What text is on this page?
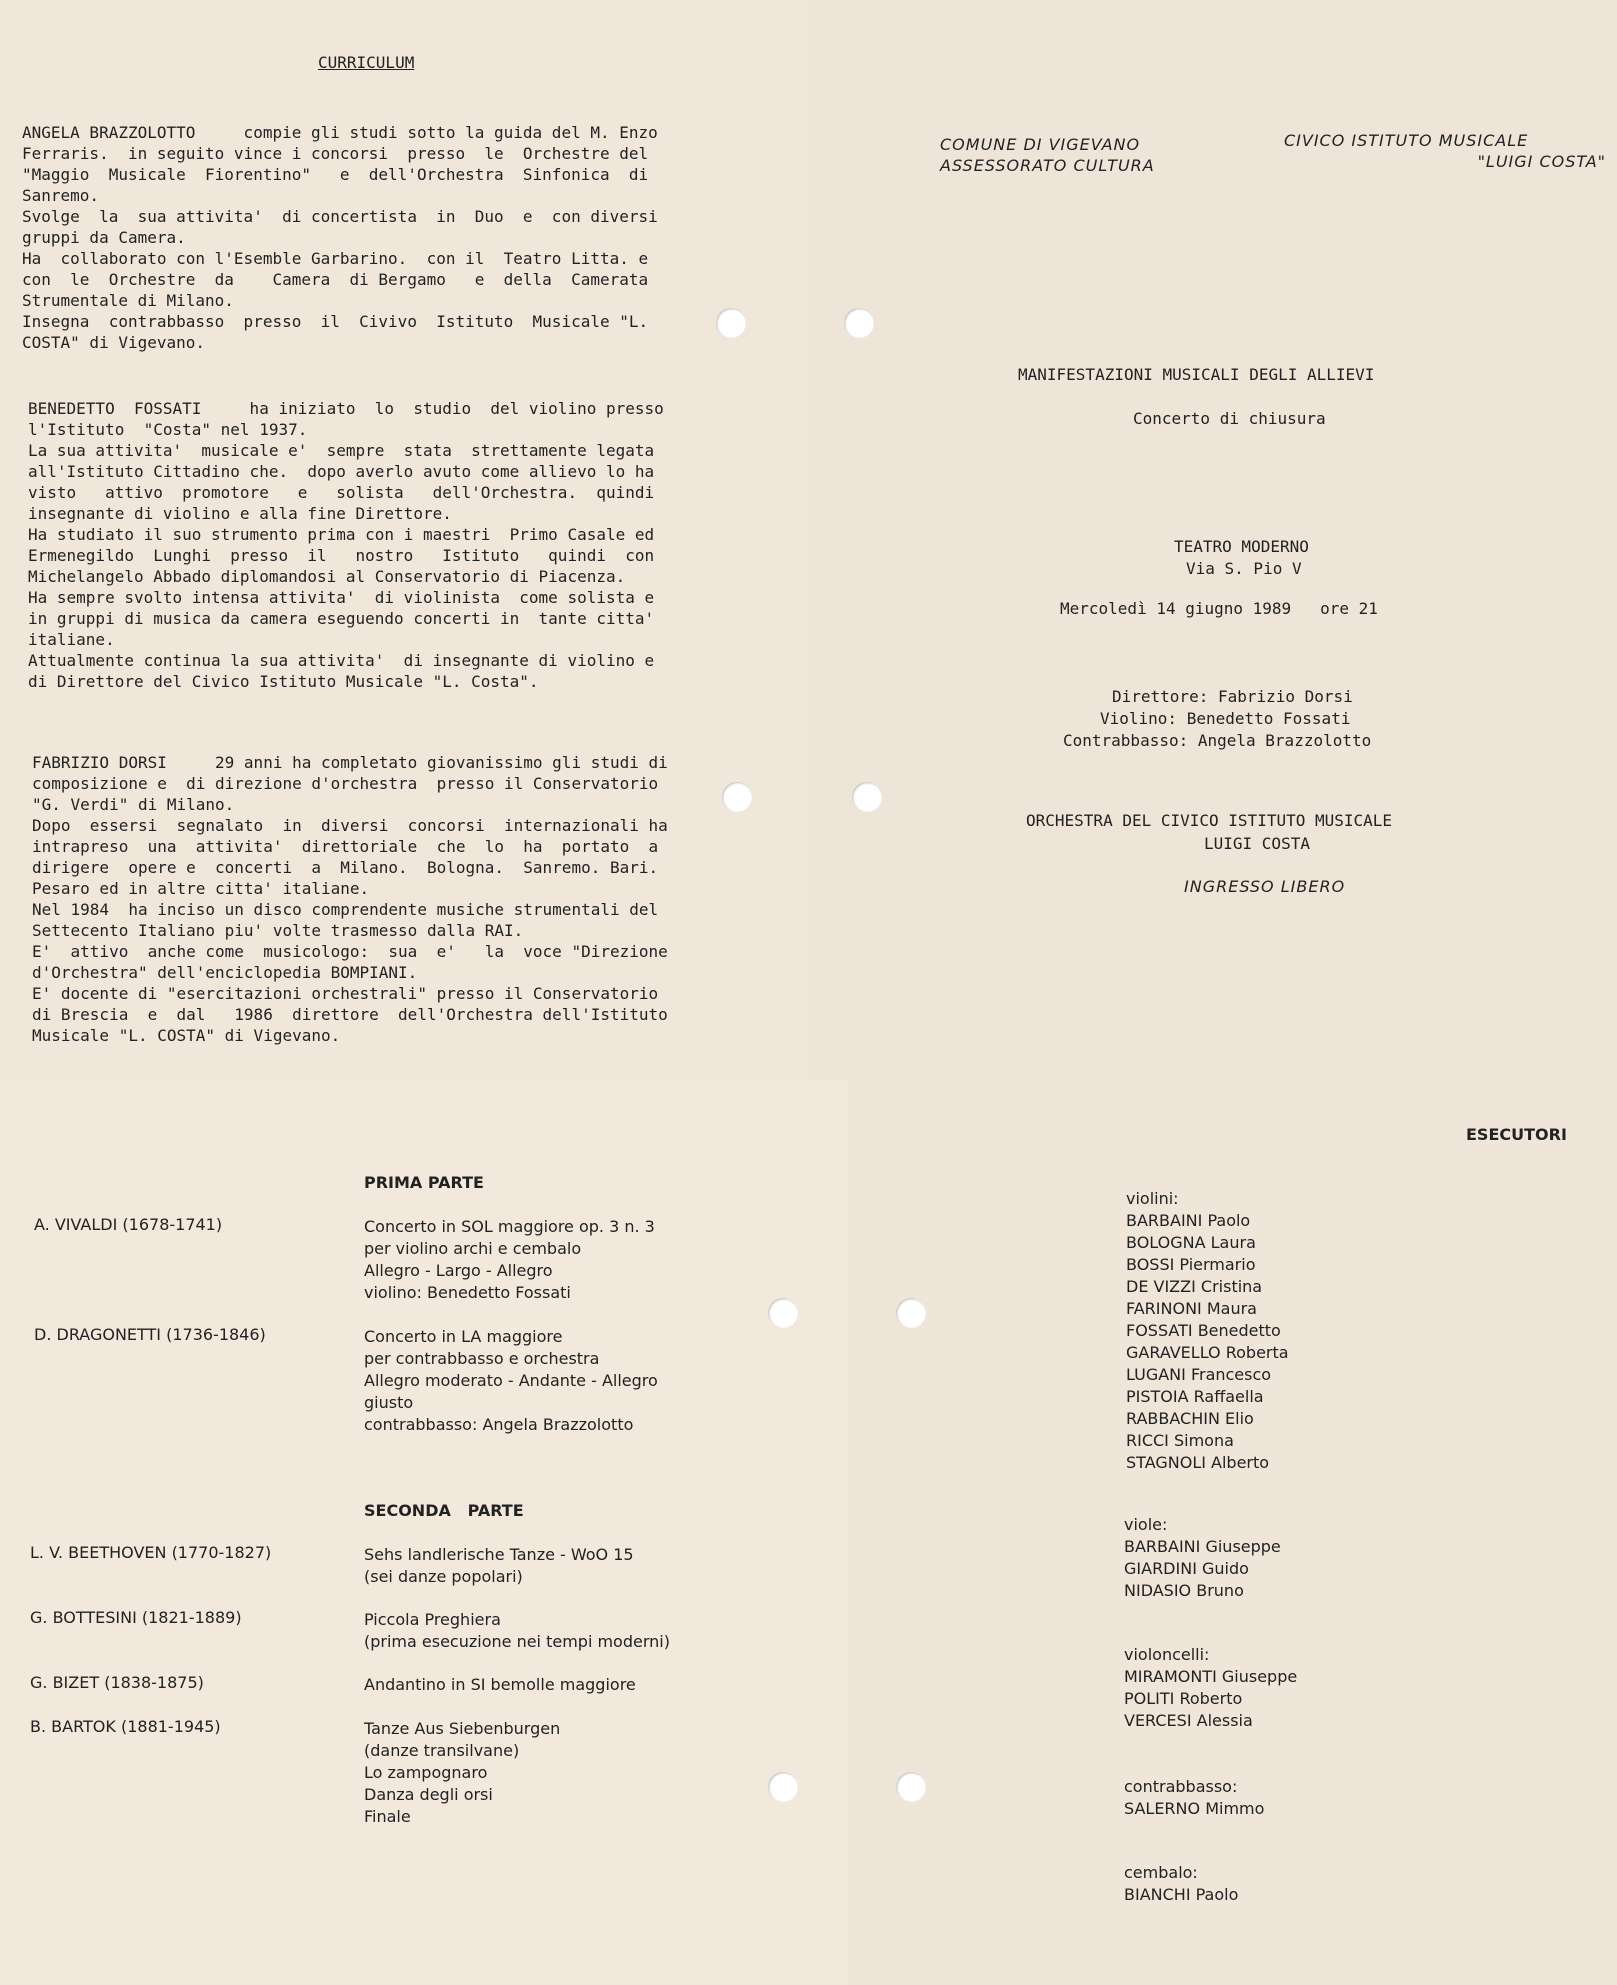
CURRICULUM
ANGELA BRAZZOLOTTO     compie gli studi sotto la guida del M. Enzo
Ferraris.  in seguito vince i concorsi  presso  le  Orchestre del
"Maggio  Musicale  Fiorentino"   e  dell'Orchestra  Sinfonica  di
Sanremo.
Svolge  la  sua attivita'  di concertista  in  Duo  e  con diversi
gruppi da Camera.
Ha  collaborato con l'Esemble Garbarino.  con il  Teatro Litta. e
con  le  Orchestre  da    Camera  di Bergamo   e  della  Camerata
Strumentale di Milano.
Insegna  contrabbasso  presso  il  Civivo  Istituto  Musicale "L.
COSTA" di Vigevano.
BENEDETTO  FOSSATI     ha iniziato  lo  studio  del violino presso
l'Istituto  "Costa" nel 1937.
La sua attivita'  musicale e'  sempre  stata  strettamente legata
all'Istituto Cittadino che.  dopo averlo avuto come allievo lo ha
visto   attivo  promotore   e   solista   dell'Orchestra.  quindi
insegnante di violino e alla fine Direttore.
Ha studiato il suo strumento prima con i maestri  Primo Casale ed
Ermenegildo  Lunghi  presso  il   nostro   Istituto   quindi  con
Michelangelo Abbado diplomandosi al Conservatorio di Piacenza.
Ha sempre svolto intensa attivita'  di violinista  come solista e
in gruppi di musica da camera eseguendo concerti in  tante citta'
italiane.
Attualmente continua la sua attivita'  di insegnante di violino e
di Direttore del Civico Istituto Musicale "L. Costa".
FABRIZIO DORSI     29 anni ha completato giovanissimo gli studi di
composizione e  di direzione d'orchestra  presso il Conservatorio
"G. Verdi" di Milano.
Dopo  essersi  segnalato  in  diversi  concorsi  internazionali ha
intrapreso  una  attivita'  direttoriale  che  lo  ha  portato  a
dirigere  opere e  concerti  a  Milano.  Bologna.  Sanremo. Bari.
Pesaro ed in altre citta' italiane.
Nel 1984  ha inciso un disco comprendente musiche strumentali del
Settecento Italiano piu' volte trasmesso dalla RAI.
E'  attivo  anche come  musicologo:  sua  e'   la  voce "Direzione
d'Orchestra" dell'enciclopedia BOMPIANI.
E' docente di "esercitazioni orchestrali" presso il Conservatorio
di Brescia  e  dal   1986  direttore  dell'Orchestra dell'Istituto
Musicale "L. COSTA" di Vigevano.
COMUNE DI VIGEVANO
ASSESSORATO CULTURA
CIVICO ISTITUTO MUSICALE
"LUIGI COSTA"
MANIFESTAZIONI MUSICALI DEGLI ALLIEVI
Concerto di chiusura
TEATRO MODERNO
Via S. Pio V
Mercoledì 14 giugno 1989   ore 21
Direttore: Fabrizio Dorsi
Violino: Benedetto Fossati
Contrabbasso: Angela Brazzolotto
ORCHESTRA DEL CIVICO ISTITUTO MUSICALE
LUIGI COSTA
INGRESSO LIBERO
PRIMA PARTE
A. VIVALDI (1678-1741)	Concerto in SOL maggiore op. 3 n. 3
per violino archi e cembalo
Allegro - Largo - Allegro
violino: Benedetto Fossati
D. DRAGONETTI (1736-1846)	Concerto in LA maggiore
per contrabbasso e orchestra
Allegro moderato - Andante - Allegro
giusto
contrabbasso: Angela Brazzolotto
SECONDA   PARTE
L. V. BEETHOVEN (1770-1827)	Sehs landlerische Tanze - WoO 15
(sei danze popolari)
G. BOTTESINI (1821-1889)	Piccola Preghiera
(prima esecuzione nei tempi moderni)
G. BIZET (1838-1875)	Andantino in SI bemolle maggiore
B. BARTOK (1881-1945)	Tanze Aus Siebenburgen
(danze transilvane)
Lo zampognaro
Danza degli orsi
Finale
ESECUTORI
violini:
BARBAINI Paolo
BOLOGNA Laura
BOSSI Piermario
DE VIZZI Cristina
FARINONI Maura
FOSSATI Benedetto
GARAVELLO Roberta
LUGANI Francesco
PISTOIA Raffaella
RABBACHIN Elio
RICCI Simona
STAGNOLI Alberto
viole:
BARBAINI Giuseppe
GIARDINI Guido
NIDASIO Bruno
violoncelli:
MIRAMONTI Giuseppe
POLITI Roberto
VERCESI Alessia
contrabbasso:
SALERNO Mimmo
cembalo:
BIANCHI Paolo
